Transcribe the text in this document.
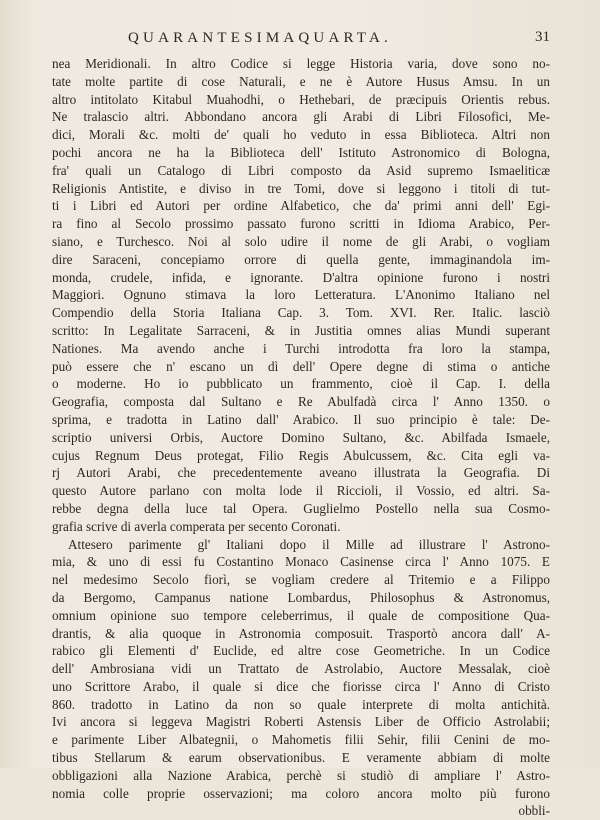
QUARANTESIMAQUARTA.	31
nea Meridionali. In altro Codice si legge Historia varia, dove sono no-
tate molte partite di cose Naturali, e ne è Autore Husus Amsu. In un
altro intitolato Kitabul Muahodhi, o Hethebari, de præcipuis Orientis rebus.
Ne tralascio altri. Abbondano ancora gli Arabi di Libri Filosofici, Me-
dici, Morali &c. molti de' quali ho veduto in essa Biblioteca. Altri non
pochi ancora ne ha la Biblioteca dell' Istituto Astronomico di Bologna,
fra' quali un Catalogo di Libri composto da Asid supremo Ismaeliticæ
Religionis Antistite, e diviso in tre Tomi, dove si leggono i titoli di tut-
ti i Libri ed Autori per ordine Alfabetico, che da' primi anni dell' Egi-
ra fino al Secolo prossimo passato furono scritti in Idioma Arabico, Per-
siano, e Turchesco. Noi al solo udire il nome de gli Arabi, o vogliam
dire Saraceni, concepiamo orrore di quella gente, immaginandola im-
monda, crudele, infida, e ignorante. D'altra opinione furono i nostri
Maggiori. Ognuno stimava la loro Letteratura. L'Anonimo Italiano nel
Compendio della Storia Italiana Cap. 3. Tom. XVI. Rer. Italic. lasciò
scritto: In Legalitate Sarraceni, & in Justitia omnes alias Mundi superant
Nationes. Ma avendo anche i Turchi introdotta fra loro la stampa,
può essere che n' escano un dì dell' Opere degne di stima o antiche
o moderne. Ho io pubblicato un frammento, cioè il Cap. I. della
Geografia, composta dal Sultano e Re Abulfadà circa l' Anno 1350. o
sprima, e tradotta in Latino dall' Arabico. Il suo principio è tale: De-
scriptio universi Orbis, Auctore Domino Sultano, &c. Abilfada Ismaele,
cujus Regnum Deus protegat, Filio Regis Abulcussem, &c. Cita egli va-
rj Autori Arabi, che precedentemente aveano illustrata la Geografia. Di
questo Autore parlano con molta lode il Riccioli, il Vossio, ed altri. Sa-
rebbe degna della luce tal Opera. Guglielmo Postello nella sua Cosmo-
grafia scrive di averla comperata per secento Coronati.
Attesero parimente gl' Italiani dopo il Mille ad illustrare l' Astrono-
mia, & uno di essi fu Costantino Monaco Casinense circa l' Anno 1075. E
nel medesimo Secolo fiorì, se vogliam credere al Tritemio e a Filippo
da Bergomo, Campanus natione Lombardus, Philosophus & Astronomus,
omnium opinione suo tempore celeberrimus, il quale de compositione Qua-
drantis, & alia quoque in Astronomia composuit. Trasportò ancora dall' A-
rabico gli Elementi d' Euclide, ed altre cose Geometriche. In un Codice
dell' Ambrosiana vidi un Trattato de Astrolabio, Auctore Messalak, cioè
uno Scrittore Arabo, il quale si dice che fiorisse circa l' Anno di Cristo
860. tradotto in Latino da non so quale interprete di molta antichità.
Ivi ancora si leggeva Magistri Roberti Astensis Liber de Officio Astrolabii;
e parimente Liber Albategnii, o Mahometis filii Sehir, filii Cenini de mo-
tibus Stellarum & earum observationibus. E veramente abbiam di molte
obbligazioni alla Nazione Arabica, perchè si studiò di ampliare l' Astro-
nomia colle proprie osservazioni; ma coloro ancora molto più furono
obbli-
